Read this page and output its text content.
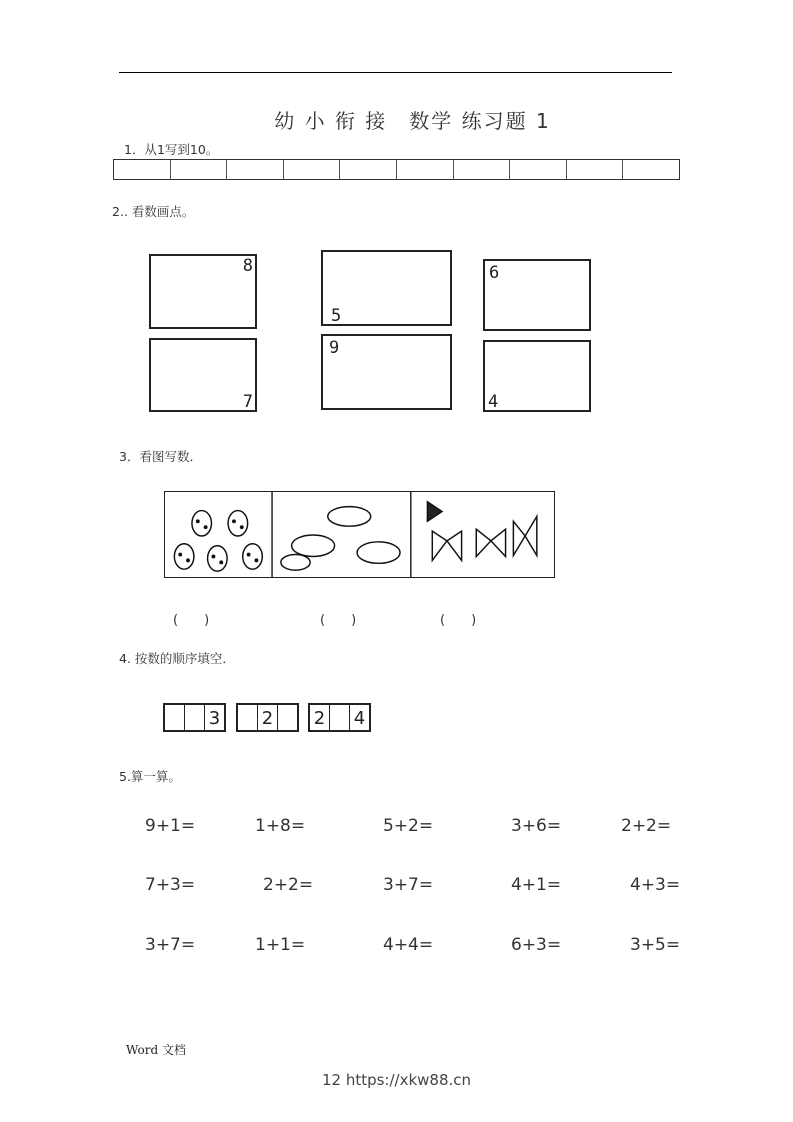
幼 小 衔 接　数学 练习题 1
1．从1写到10。
2.. 看数画点。
8
7
5
9
6
4
3．看图写数．
(　　)	(　　)	(　　)
4. 按数的顺序填空．
3 2 2 4
5.算一算。
9+1=	1+8=	5+2=	3+6=	2+2=
7+3=	2+2=	3+7=	4+1=	4+3=
3+7=	1+1=	4+4=	6+3=	3+5=
Word 文档
12 https://xkw88.cn
